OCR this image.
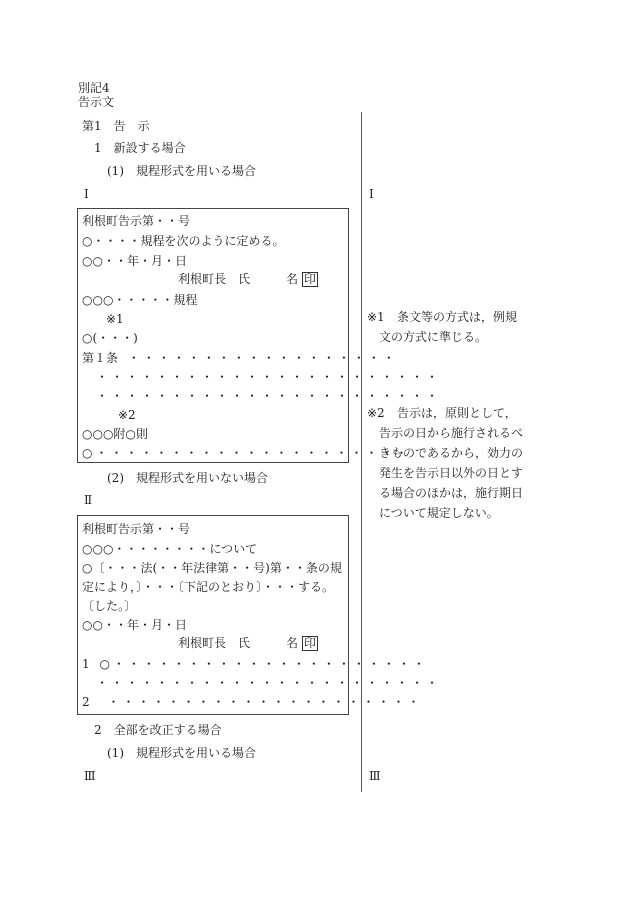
別記4
告示文
第1　告　示
1　新設する場合
(1)　規程形式を用いる場合
Ⅰ
利根町告示第・・号
○・・・・規程を次のように定める。
○○・・年・月・日
利根町長　氏　　　名 印
○○○・・・・・規程
※1
○(・・・)
第１条 ・・・・・・・・・・・・・・・・・・
・・・・・・・・・・・・・・・・・・・・・・・
・・・・・・・・・・・・・・・・・・・・・・・
※2
○○○附○則
○・・・・・・・・・・・・・・・・・・・・・
(2)　規程形式を用いない場合
Ⅱ
利根町告示第・・号
○○○・・・・・・・・について
○〔・・・法(・・年法律第・・号)第・・条の規
定により，〕・・・〔下記のとおり〕・・・する。
〔した。〕
○○・・年・月・日
利根町長　氏　　　名 印
1 ○・・・・・・・・・・・・・・・・・・・・・
・・・・・・・・・・・・・・・・・・・・・・・
2 ・・・・・・・・・・・・・・・・・・・・・
2　全部を改正する場合
(1)　規程形式を用いる場合
Ⅲ
Ⅰ
※1	条文等の方式は，例規文の方式に準じる。
※2	告示は，原則として，告示の日から施行されるべきものであるから，効力の発生を告示日以外の日とする場合のほかは，施行期日について規定しない。
Ⅲ
